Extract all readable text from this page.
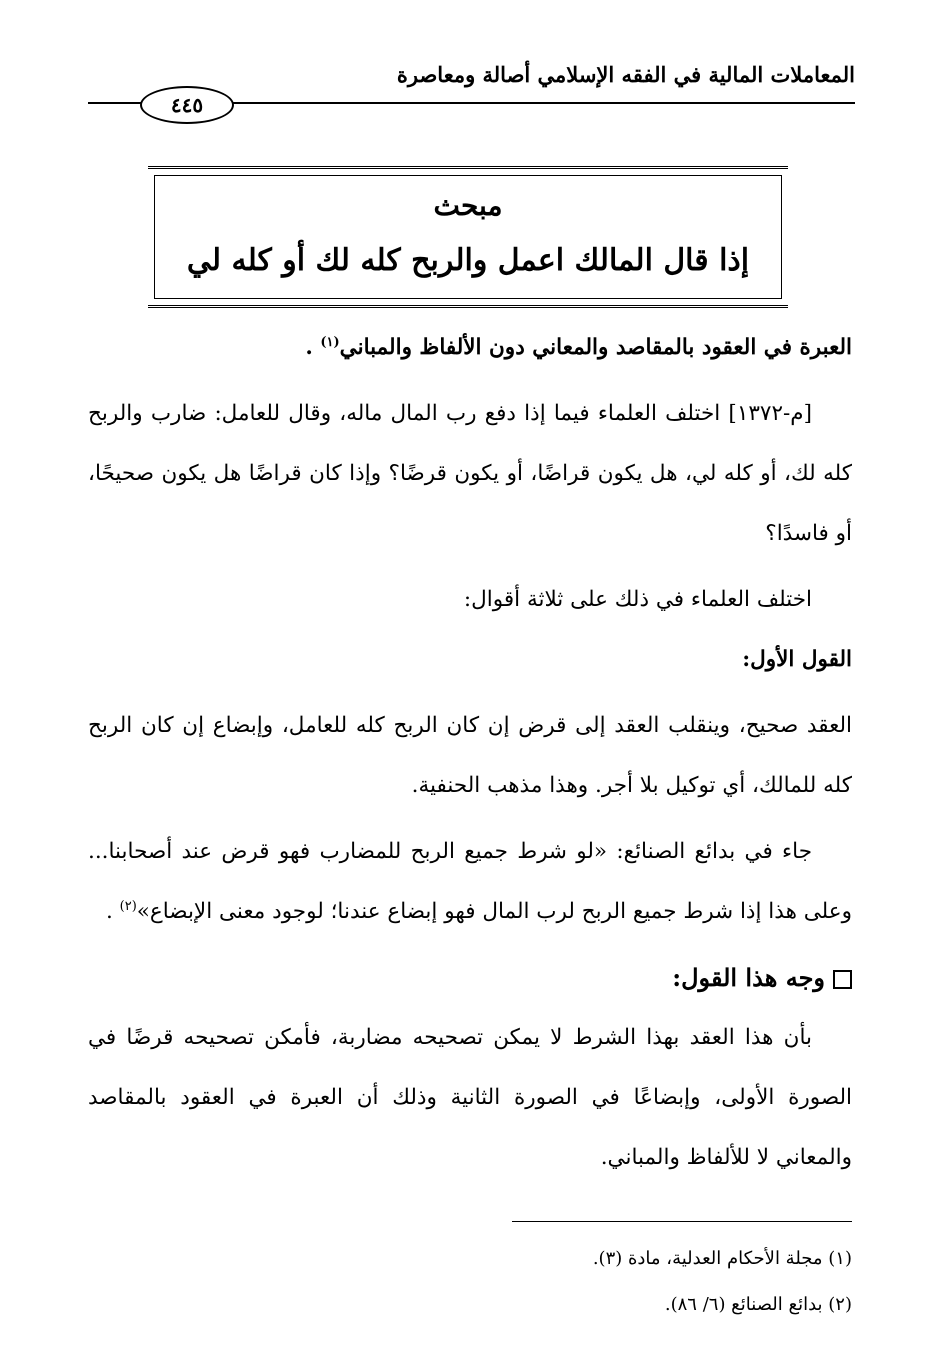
المعاملات المالية في الفقه الإسلامي أصالة ومعاصرة
٤٤٥
مبحث
إذا قال المالك اعمل والربح كله لك أو كله لي

العبرة في العقود بالمقاصد والمعاني دون الألفاظ والمباني$^{(١)}$ .

[م-١٣٧٢] اختلف العلماء فيما إذا دفع رب المال ماله، وقال للعامل: ضارب والربح كله لك، أو كله لي، هل يكون قراضًا، أو يكون قرضًا؟ وإذا كان قراضًا هل يكون صحيحًا، أو فاسدًا؟

اختلف العلماء في ذلك على ثلاثة أقوال:

القول الأول:

العقد صحيح، وينقلب العقد إلى قرض إن كان الربح كله للعامل، وإبضاع إن كان الربح كله للمالك، أي توكيل بلا أجر. وهذا مذهب الحنفية.

جاء في بدائع الصنائع: «لو شرط جميع الربح للمضارب فهو قرض عند أصحابنا... وعلى هذا إذا شرط جميع الربح لرب المال فهو إبضاع عندنا؛ لوجود معنى الإبضاع»$^{(٢)}$ .

وجه هذا القول:

بأن هذا العقد بهذا الشرط لا يمكن تصحيحه مضاربة، فأمكن تصحيحه قرضًا في الصورة الأولى، وإبضاعًا في الصورة الثانية وذلك أن العبرة في العقود بالمقاصد والمعاني لا للألفاظ والمباني.

(١) مجلة الأحكام العدلية، مادة (٣).
(٢) بدائع الصنائع (٦/ ٨٦).
